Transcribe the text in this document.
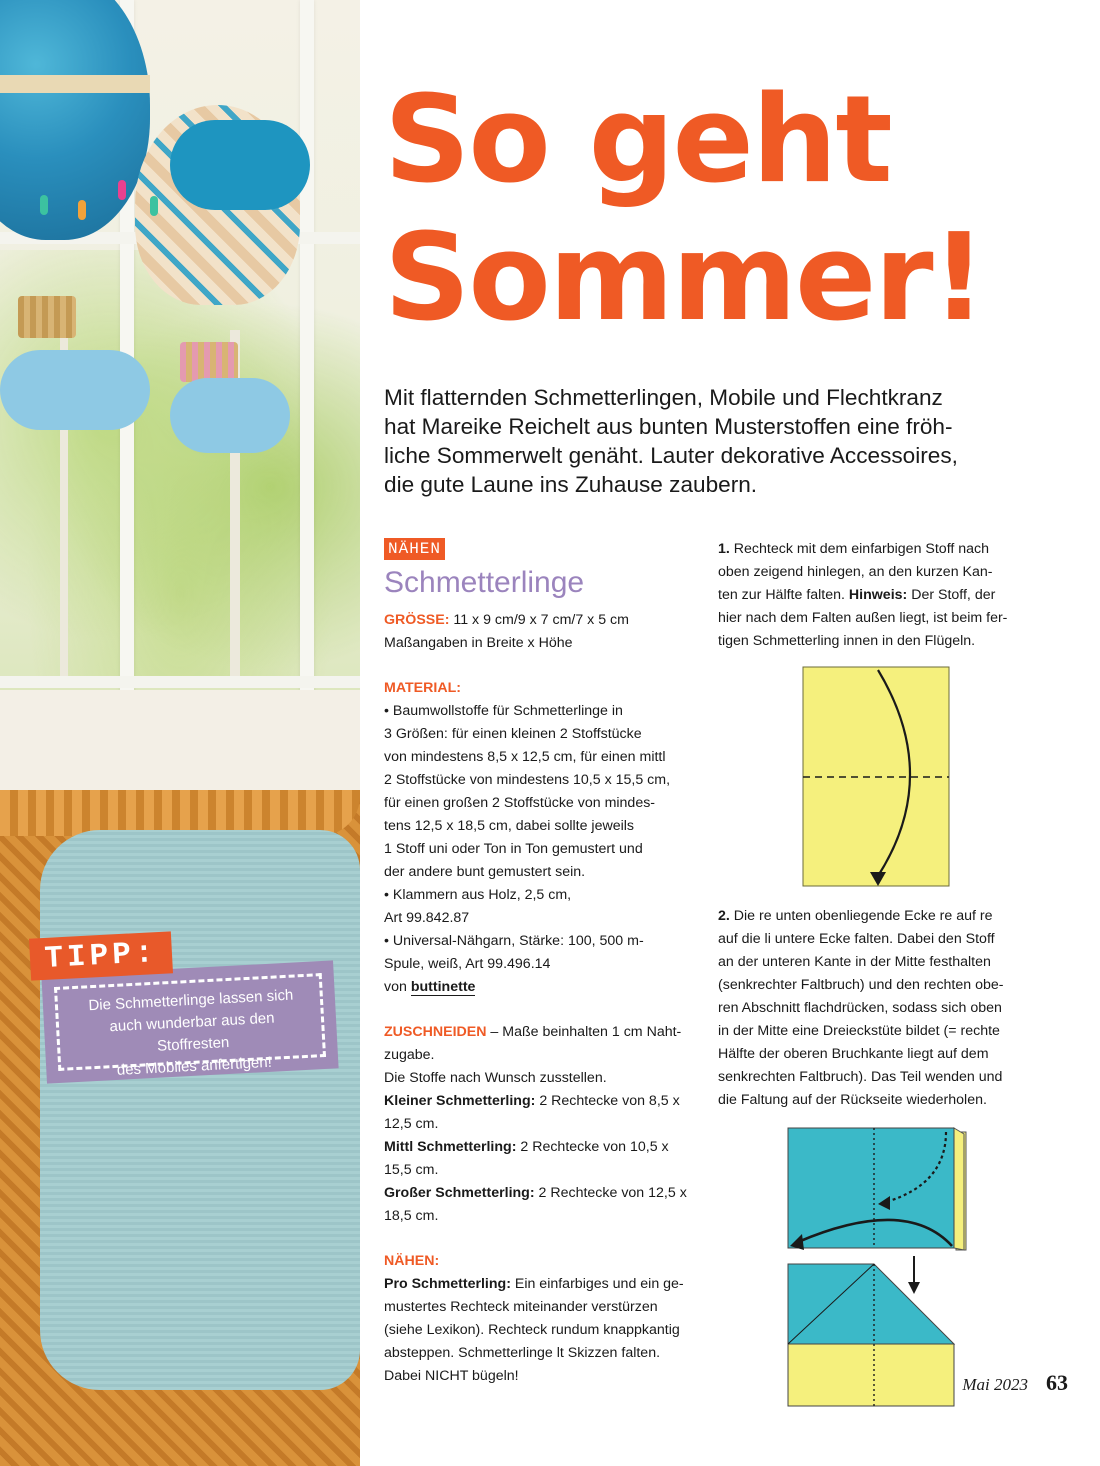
TIPP:
Die Schmetterlinge lassen sich
auch wunderbar aus den Stoffresten
des Mobiles anfertigen!
So geht
Sommer!

Mit flatternden Schmetterlingen, Mobile und Flechtkranz
hat Mareike Reichelt aus bunten Musterstoffen eine fröh-
liche Sommerwelt genäht. Lauter dekorative Accessoires,
die gute Laune ins Zuhause zaubern.

NÄHEN
Schmetterlinge

GRÖSSE: 11 x 9 cm/9 x 7 cm/7 x 5 cm
Maßangaben in Breite x Höhe

MATERIAL:

• Baumwollstoffe für Schmetterlinge in
3 Größen: für einen kleinen 2 Stoffstücke
von mindestens 8,5 x 12,5 cm, für einen mittl
2 Stoffstücke von mindestens 10,5 x 15,5 cm,
für einen großen 2 Stoffstücke von mindes-
tens 12,5 x 18,5 cm, dabei sollte jeweils
1 Stoff uni oder Ton in Ton gemustert und
der andere bunt gemustert sein.

• Klammern aus Holz, 2,5 cm,
Art 99.842.87

• Universal-Nähgarn, Stärke: 100, 500 m-
Spule, weiß, Art 99.496.14

von buttinette

ZUSCHNEIDEN – Maße beinhalten 1 cm Naht-
zugabe.

Die Stoffe nach Wunsch zusstellen.

Kleiner Schmetterling: 2 Rechtecke von 8,5 x
12,5 cm.

Mittl Schmetterling: 2 Rechtecke von 10,5 x
15,5 cm.

Großer Schmetterling: 2 Rechtecke von 12,5 x
18,5 cm.

NÄHEN:

Pro Schmetterling: Ein einfarbiges und ein ge-
mustertes Rechteck miteinander verstürzen
(siehe Lexikon). Rechteck rundum knappkantig
absteppen. Schmetterlinge lt Skizzen falten.
Dabei NICHT bügeln!

1. Rechteck mit dem einfarbigen Stoff nach
oben zeigend hinlegen, an den kurzen Kan-
ten zur Hälfte falten. Hinweis: Der Stoff, der
hier nach dem Falten außen liegt, ist beim fer-
tigen Schmetterling innen in den Flügeln.

2. Die re unten obenliegende Ecke re auf re
auf die li untere Ecke falten. Dabei den Stoff
an der unteren Kante in der Mitte festhalten
(senkrechter Faltbruch) und den rechten obe-
ren Abschnitt flachdrücken, sodass sich oben
in der Mitte eine Dreieckstüte bildet (= rechte
Hälfte der oberen Bruchkante liegt auf dem
senkrechten Faltbruch). Das Teil wenden und
die Faltung auf der Rückseite wiederholen.

Mai 2023 63
